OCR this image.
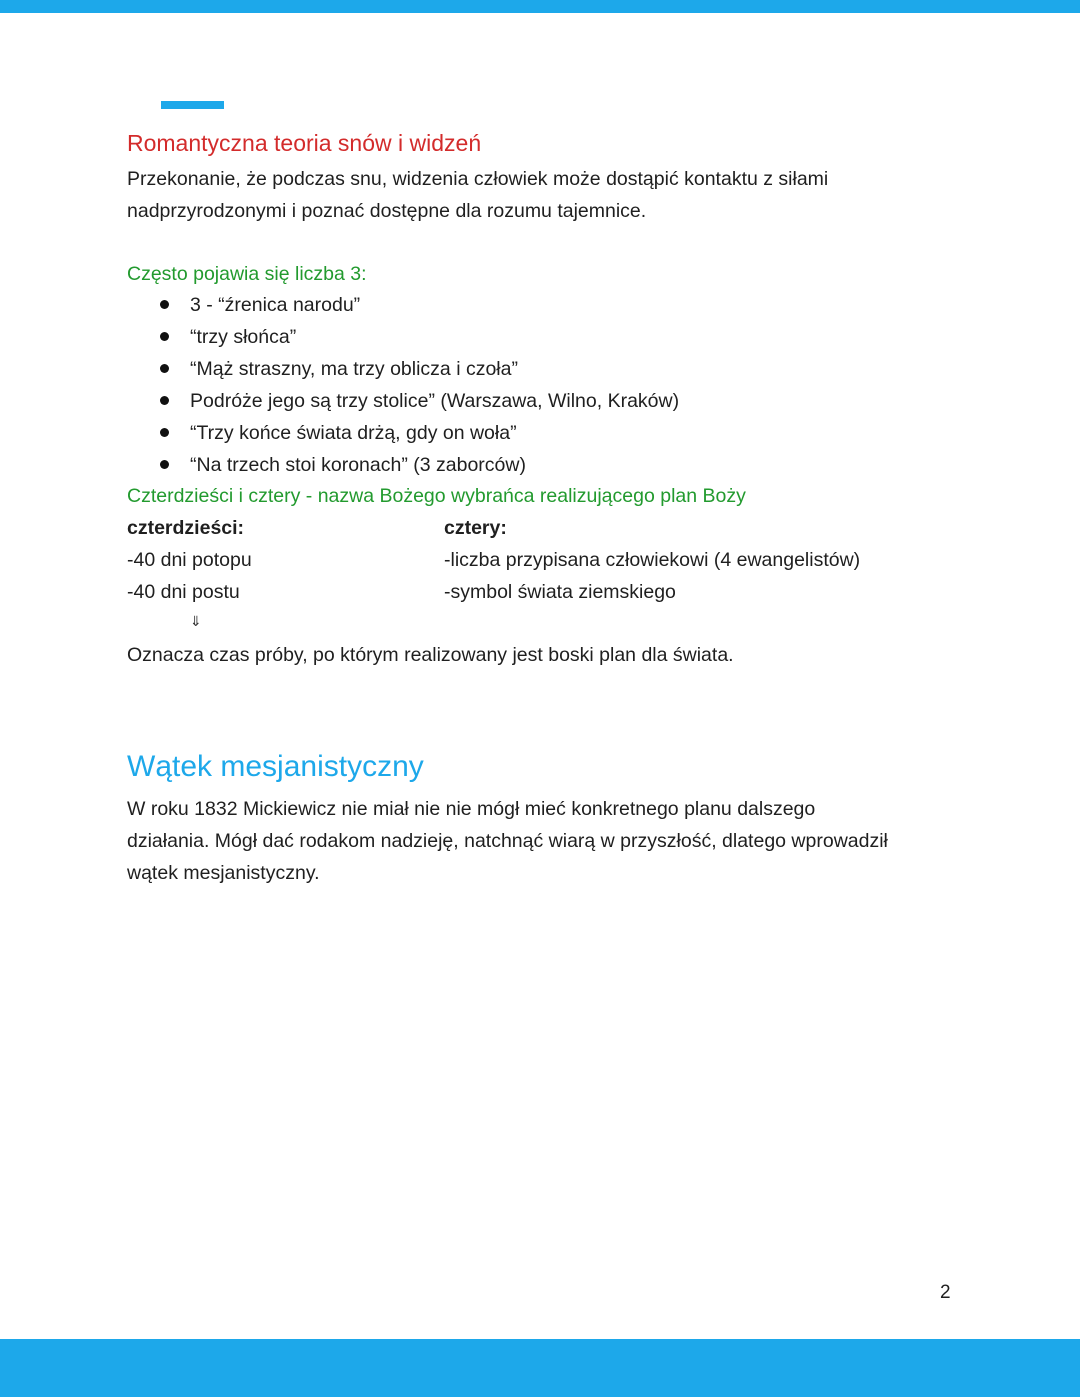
Romantyczna teoria snów i widzeń
Przekonanie, że podczas snu, widzenia człowiek może dostąpić kontaktu z siłami
nadprzyrodzonymi i poznać dostępne dla rozumu tajemnice.
Często pojawia się liczba 3:
3 - “źrenica narodu”
“trzy słońca”
“Mąż straszny, ma trzy oblicza i czoła”
Podróże jego są trzy stolice” (Warszawa, Wilno, Kraków)
“Trzy końce świata drżą, gdy on woła”
“Na trzech stoi koronach” (3 zaborców)
Czterdzieści i cztery - nazwa Bożego wybrańca realizującego plan Boży
czterdzieści:	cztery:
-40 dni potopu	-liczba przypisana człowiekowi (4 ewangelistów)
-40 dni postu	-symbol świata ziemskiego
⇓
Oznacza czas próby, po którym realizowany jest boski plan dla świata.
Wątek mesjanistyczny
W roku 1832 Mickiewicz nie miał nie nie mógł mieć konkretnego planu dalszego
działania. Mógł dać rodakom nadzieję, natchnąć wiarą w przyszłość, dlatego wprowadził
wątek mesjanistyczny.
2
